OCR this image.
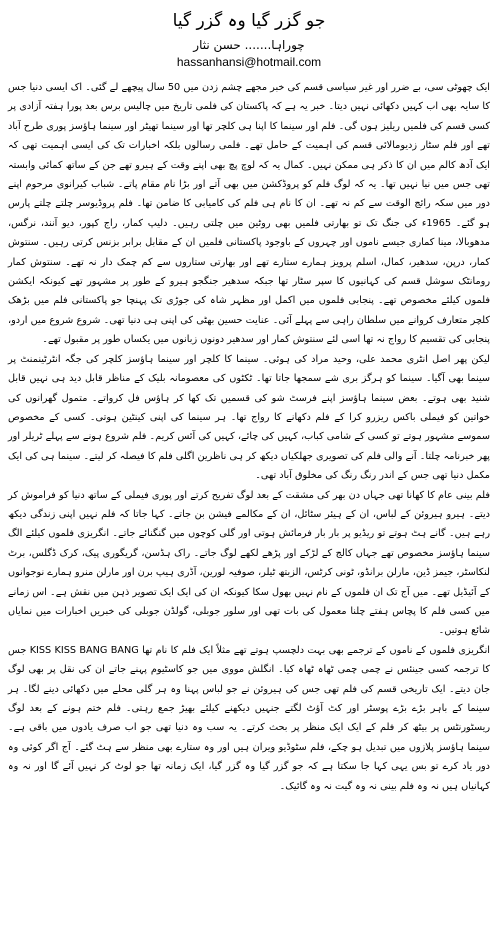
جو گزر گیا وہ گزر گیا

چوراہا....... حسن نثار

hassanhansi@hotmail.com

ایک چھوٹی سی، بے ضرر اور غیر سیاسی قسم کی خبر مجھے چشم زدن میں 50 سال پیچھے لے گئی۔ اک ایسی دنیا جس کا سایہ بھی اب کہیں دکھائی نہیں دیتا۔ خبر یہ ہے کہ پاکستان کی فلمی تاریخ میں چالیس برس بعد پورا ہفتہ آزادی پر کسی قسم کی فلمیں ریلیز ہوں گی۔ فلم اور سینما کا اپنا ہی کلچر تھا اور سینما تھیٹر اور سینما ہاؤسز پوری طرح آباد تھے اور فلم سٹار زدیومالائی قسم کی اہمیت کے حامل تھے۔ فلمی رسالوں بلکہ اخبارات تک کی ایسی اہمیت تھی کہ ایک آدھ کالم میں ان کا ذکر ہی ممکن نہیں۔ کمال یہ کہ لوچ پچ بھی اپنے وقت کے ہیرو تھے جن کے ساتھ کمائی وابستہ تھی جس میں نیا نہیں تھا۔ یہ کہ لوگ فلم کو پروڈکشن میں بھی آتے اور بڑا نام مقام پاتے۔ شباب کیرانوی مرحوم اپنے دور میں سکہ رائج الوقت سے کم نہ تھے۔ ان کا نام ہی فلم کی کامیابی کا ضامن تھا۔ فلم پروڈیوسر چلتے چلتے پارس ہو گئے۔ 1965ء کی جنگ تک تو بھارتی فلمیں بھی روٹین میں چلتی رہیں۔ دلیپ کمار، راج کپور، دیو آنند، نرگس، مدھوبالا، مینا کماری جیسے ناموں اور چہروں کے باوجود پاکستانی فلمیں ان کے مقابل برابر بزنس کرتی رہیں۔ سنتوش کمار، درپن، سدھیر، کمال، اسلم پرویز ہمارے ستارے تھے اور بھارتی ستاروں سے کم چمک دار نہ تھے۔ سنتوش کمار رومانٹک سوشل قسم کی کہانیوں کا سپر سٹار تھا جبکہ سدھیر جنگجو ہیرو کے طور پر مشہور تھے کیونکہ ایکشن فلموں کیلئے مخصوص تھے۔ پنجابی فلموں میں اکمل اور مظہر شاہ کی جوڑی تک پہنچا جو پاکستانی فلم میں بڑھک کلچر متعارف کروانے میں سلطان راہی سے پہلے آئی۔ عنایت حسین بھٹی کی اپنی ہی دنیا تھی۔ شروع شروع میں اردو، پنجابی کی تقسیم کا رواج نہ تھا اسی لئے سنتوش کمار اور سدھیر دونوں زبانوں میں یکساں طور پر مقبول تھے۔

لیکن پھر اصل انٹری محمد علی، وحید مراد کی ہوئی۔ سینما کا کلچر اور سینما ہاؤسز کلچر کی جگہ انٹرٹینمنٹ پر سینما بھی آگیا۔ سینما کو ہرگز بری شے سمجھا جاتا تھا۔ ٹکٹوں کی معصومانہ بلیک کے مناظر قابل دید ہی نہیں قابل شنید بھی ہوتے۔ بعض سینما ہاؤسز اپنے فرسٹ شو کی قسمیں تک کھا کر ہاؤس فل کرواتے۔ متمول گھرانوں کی خواتین کو فیملی باکس ریزرو کرا کے فلم دکھانے کا رواج تھا۔ ہر سینما کی اپنی کینٹین ہوتی۔ کسی کے مخصوص سموسے مشہور ہوتے تو کسی کے شامی کباب، کہیں کی چائے، کہیں کی آئس کریم۔ فلم شروع ہونے سے پہلے ٹریلر اور پھر خبرنامہ چلتا۔ آنے والی فلم کی تصویری جھلکیاں دیکھ کر ہی ناظرین اگلی فلم کا فیصلہ کر لیتے۔ سینما ہی کی ایک مکمل دنیا تھی جس کے اندر رنگ رنگ کی مخلوق آباد تھی۔

فلم بینی عام کا کھانا تھی جہاں دن بھر کی مشقت کے بعد لوگ تفریح کرتے اور پوری فیملی کے ساتھ دنیا کو فراموش کر دیتے۔ ہیرو ہیروئن کے لباس، ان کے ہیئر سٹائل، ان کے مکالمے فیشن بن جاتے۔ کہا جاتا کہ فلم نہیں اپنی زندگی دیکھ رہے ہیں۔ گانے ہٹ ہوتے تو ریڈیو پر بار بار فرمائش ہوتی اور گلی کوچوں میں گنگنائے جاتے۔ انگریزی فلموں کیلئے الگ سینما ہاؤسز مخصوص تھے جہاں کالج کے لڑکے اور پڑھے لکھے لوگ جاتے۔ راک ہڈسن، گریگوری پیک، کرک ڈگلس، برٹ لنکاسٹر، جیمز ڈین، مارلن برانڈو، ٹونی کرٹس، الزبتھ ٹیلر، صوفیہ لورین، آڈری ہیپ برن اور مارلن منرو ہمارے نوجوانوں کے آئیڈیل تھے۔ میں آج تک ان فلموں کے نام نہیں بھول سکا کیونکہ ان کی ایک ایک تصویر ذہن میں نقش ہے۔ اس زمانے میں کسی فلم کا پچاس ہفتے چلنا معمول کی بات تھی اور سلور جوبلی، گولڈن جوبلی کی خبریں اخبارات میں نمایاں شائع ہوتیں۔

انگریزی فلموں کے ناموں کے ترجمے بھی بہت دلچسپ ہوتے تھے مثلاً ایک فلم کا نام تھا KISS KISS BANG BANG جس کا ترجمہ کسی جینئس نے چمی چمی ٹھاہ ٹھاہ کیا۔ انگلش مووی میں جو کاسٹیوم پہنے جاتے ان کی نقل پر بھی لوگ جان دیتے۔ ایک تاریخی قسم کی فلم تھی جس کی ہیروئن نے جو لباس پہنا وہ ہر گلی محلے میں دکھائی دینے لگا۔ ہر سینما کے باہر بڑے بڑے پوسٹر اور کٹ آؤٹ لگتے جنہیں دیکھنے کیلئے بھیڑ جمع رہتی۔ فلم ختم ہونے کے بعد لوگ ریسٹورنٹس پر بیٹھ کر فلم کے ایک ایک منظر پر بحث کرتے۔ یہ سب وہ دنیا تھی جو اب صرف یادوں میں باقی ہے۔ سینما ہاؤسز پلازوں میں تبدیل ہو چکے، فلم سٹوڈیو ویران ہیں اور وہ ستارے بھی منظر سے ہٹ گئے۔ آج اگر کوئی وہ دور یاد کرے تو بس یہی کہا جا سکتا ہے کہ جو گزر گیا وہ گزر گیا، ایک زمانہ تھا جو لوٹ کر نہیں آئے گا اور نہ وہ کہانیاں ہیں نہ وہ فلم بینی نہ وہ گیت نہ وہ گائیک۔
